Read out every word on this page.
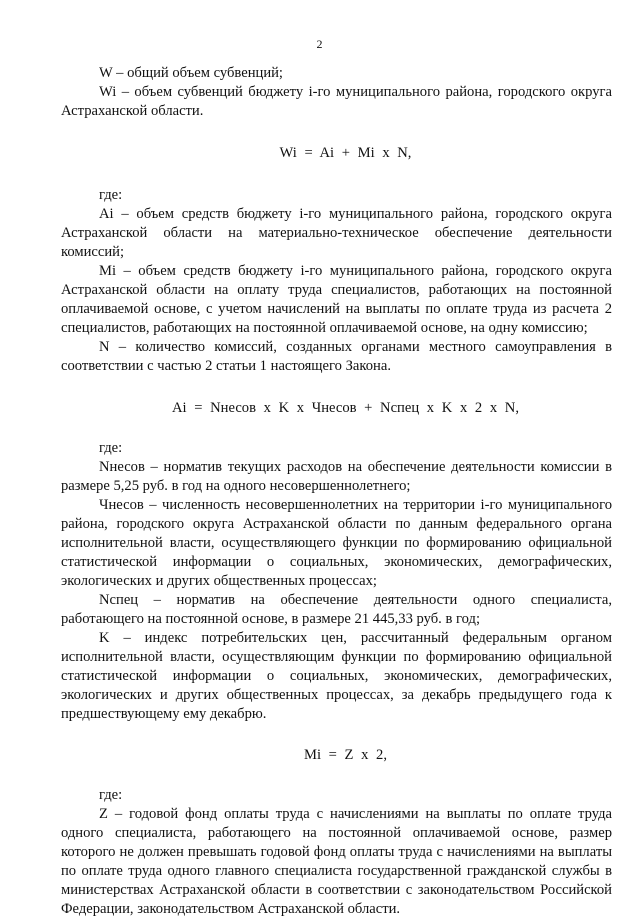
2

W – общий объем субвенций;

Wi – объем субвенций бюджету i-го муниципального района, городского округа Астраханской области.

Wi = Ai + Mi x N,

где:

Ai – объем средств бюджету i-го муниципального района, городского округа Астраханской области на материально-техническое обеспечение деятельности комиссий;

Mi – объем средств бюджету i-го муниципального района, городского округа Астраханской области на оплату труда специалистов, работающих на постоянной оплачиваемой основе, с учетом начислений на выплаты по оплате труда из расчета 2 специалистов, работающих на постоянной оплачиваемой основе, на одну комиссию;

N – количество комиссий, созданных органами местного самоуправления в соответствии с частью 2 статьи 1 настоящего Закона.

Ai = Nнесов x K x Чнесов + Nспец x K x 2 x N,

где:

Nнесов – норматив текущих расходов на обеспечение деятельности комиссии в размере 5,25 руб. в год на одного несовершеннолетнего;

Чнесов – численность несовершеннолетних на территории i-го муниципального района, городского округа Астраханской области по данным федерального органа исполнительной власти, осуществляющего функции по формированию официальной статистической информации о социальных, экономических, демографических, экологических и других общественных процессах;

Nспец – норматив на обеспечение деятельности одного специалиста, работающего на постоянной основе, в размере 21 445,33 руб. в год;

K – индекс потребительских цен, рассчитанный федеральным органом исполнительной власти, осуществляющим функции по формированию официальной статистической информации о социальных, экономических, демографических, экологических и других общественных процессах, за декабрь предыдущего года к предшествующему ему декабрю.

Mi = Z x 2,

где:

Z – годовой фонд оплаты труда с начислениями на выплаты по оплате труда одного специалиста, работающего на постоянной оплачиваемой основе, размер которого не должен превышать годовой фонд оплаты труда с начислениями на выплаты по оплате труда одного главного специалиста государственной гражданской службы в министерствах Астраханской области в соответствии с законодательством Российской Федерации, законодательством Астраханской области.
